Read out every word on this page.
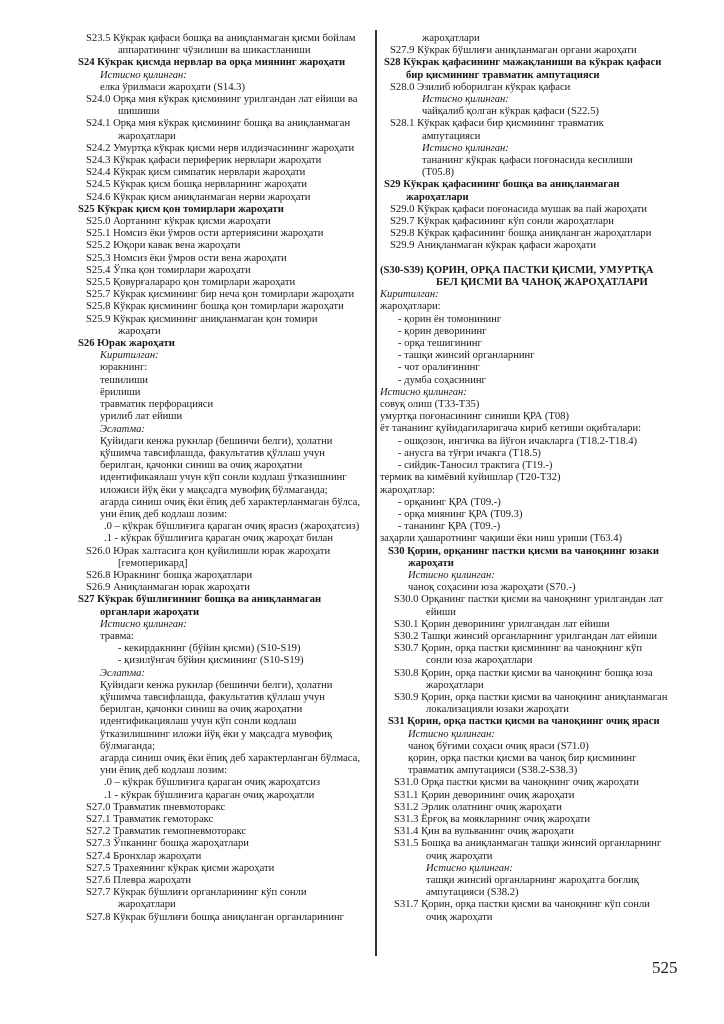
S23.5 Кўкрак қафаси бошқа ва аниқланмаган қисми бойлам
аппаратининг чўзилиши ва шикастланиши
S24 Кўкрак қисмда нервлар ва орқа миянинг жароҳати
Истисно қилинган:
елка ўрилмаси жароҳати (S14.3)
S24.0 Орқа мия кўкрак қисмининг урилгандан лат ейиши ва
шишиши
S24.1 Орқа мия кўкрак қисмининг бошқа ва аниқланмаган
жароҳатлари
S24.2 Умуртқа кўкрак қисми нерв илдизчасининг жароҳати
S24.3 Кўкрак қафаси периферик нервлари жароҳати
S24.4 Кўкрак қисм симпатик нервлари жароҳати
S24.5 Кўкрак қисм бошқа нервларнинг жароҳати
S24.6 Кўкрак қисм аниқланмаган нерви жароҳати
S25 Кўкрак қисм қон томирлари жароҳати
S25.0 Аортанинг кўкрак қисми жароҳати
S25.1 Номсиз ёки ўмров ости артериясини жароҳати
S25.2 Юқори кавак вена жароҳати
S25.3 Номсиз ёки ўмров ости вена жароҳати
S25.4 Ўпка қон томирлари жароҳати
S25.5 Қовурғалараро қон томирлари жароҳати
S25.7 Кўкрак қисмининг бир неча қон томирлари жароҳати
S25.8 Кўкрак қисмининг бошқа қон томирлари жароҳати
S25.9 Кўкрак қисмининг аниқланмаган қон томири
жароҳати
S26 Юрак жароҳати
Киритилган:
юракнинг:
тешилиши
ёрилиши
травматик перфорацияси
урилиб лат ейиши
Эслатма:
Қуйидаги кенжа рукнлар (бешинчи белги), ҳолатни
қўшимча тавсифлашда, факультатив қўллаш учун
берилган, қачонки синиш ва очиқ жароҳатни
идентификаялаш учун кўп сонли кодлаш ўтказишнинг
иложиси йўқ ёки у мақсадга мувофиқ бўлмаганда;
агарда синиш очиқ ёки ёпиқ деб характерланмаган бўлса,
уни ёпиқ деб кодлаш лозим:
.0 – кўкрак бўшлиғига қараган очиқ ярасиз (жароҳатсиз)
.1 - кўкрак бўшлиғига қараган очиқ жароҳат билан
S26.0 Юрак халтасига қон қуйилишли юрак жароҳати
[гемоперикард]
S26.8 Юракнинг бошқа жароҳатлари
S26.9 Аниқланмаган юрак жароҳати
S27 Кўкрак бўшлиғининг бошқа ва аниқланмаган
органлари жароҳати
Истисно қилинган:
травма:
- кекирдакнинг (бўйин қисми) (S10-S19)
- қизилўнгач бўйин қисмининг (S10-S19)
Эслатма:
Қуйидаги кенжа рукнлар (бешинчи белги), ҳолатни
қўшимча тавсифлашда, факультатив қўллаш учун
берилган, қачонки синиш ва очиқ жароҳатни
идентификациялаш учун кўп сонли кодлаш
ўтказилишнинг иложи йўқ ёки у мақсадга мувофиқ
бўлмаганда;
агарда синиш очиқ ёки ёпиқ деб характерланган бўлмаса,
уни ёпиқ деб кодлаш лозим:
.0 – кўкрак бўшлиғига қараган очиқ жароҳатсиз
.1 - кўкрак бўшлиғига қараган очиқ жароҳатли
S27.0 Травматик пневмоторакс
S27.1 Травматик гемоторакс
S27.2 Травматик гемопневмоторакс
S27.3 Ўпканинг бошқа жароҳатлари
S27.4 Бронхлар жароҳати
S27.5 Трахеянинг кўкрак қисми жароҳати
S27.6 Плевра жароҳати
S27.7 Кўкрак бўшлиғи органларининг кўп сонли
жароҳатлари
S27.8 Кўкрак бўшлиғи бошқа аниқланган органларининг
жароҳатлари
S27.9 Кўкрак бўшлиғи аниқланмаган органи жароҳати
S28 Кўкрак қафасининг мажақланиши ва кўкрак қафаси
бир қисмининг травматик ампутацияси
S28.0 Эзилиб юборилган кўкрак қафаси
Истисно қилинган:
чайқалиб қолган кўкрак қафаси (S22.5)
S28.1 Кўкрак қафаси бир қисмининг травматик
ампутацияси
Истисно қилинган:
тананинг кўкрак қафаси поғонасида кесилиши
(T05.8)
S29 Кўкрак қафасининг бошқа ва аниқланмаган
жароҳатлари
S29.0 Кўкрак қафаси поғонасида мушак ва пай жароҳати
S29.7 Кўкрак қафасининг кўп сонли жароҳатлари
S29.8 Кўкрак қафасининг бошқа аниқланган жароҳатлари
S29.9 Аниқланмаган кўкрак қафаси жароҳати
(S30-S39) ҚОРИН, ОРҚА ПАСТКИ ҚИСМИ, УМУРТҚА
БЕЛ ҚИСМИ ВА ЧАНОҚ ЖАРОҲАТЛАРИ
Киритилган:
жароҳатлари:
- қорин ён томонининг
- қорин деворининг
- орқа тешигининг
- ташқи жинсий органларнинг
- чот оралиғининг
- думба соҳасининг
Истисно қилинган:
совуқ олиш (T33-T35)
умуртқа поғонасининг синиши ҚРА (T08)
ёт тананинг қуйидагиларигача кириб кетиши оқибталари:
- ошқозон, ингичка ва йўғон ичакларга (T18.2-T18.4)
- анусга ва тўғри ичакга (T18.5)
- сийдик-Таносил трактига (T19.-)
термик ва кимёвий куйишлар (T20-T32)
жароҳатлар:
- орқанинг ҚРА (T09.-)
- орқа миянинг ҚРА (T09.3)
- тананинг ҚРА (T09.-)
заҳарли ҳашаротнинг чақиши ёки ниш уриши (T63.4)
S30 Қорин, орқанинг пастки қисми ва чаноқнинг юзаки
жароҳати
Истисно қилинган:
чаноқ соҳасини юза жароҳати (S70.-)
S30.0 Орқанинг пастки қисми ва чаноқнинг урилгандан лат
ейиши
S30.1 Қорин деворининг урилгандан лат ейиши
S30.2 Ташқи жинсий органларнинг урилгандан лат ейиши
S30.7 Қорин, орқа пастки қисмининг ва чаноқнинг кўп
сонли юза жароҳатлари
S30.8 Қорин, орқа пастки қисми ва чаноқнинг бошқа юза
жароҳатлари
S30.9 Қорин, орқа пастки қисми ва чаноқнинг аниқланмаган
локализацияли юзаки жароҳати
S31 Қорин, орқа пастки қисми ва чаноқнинг очиқ яраси
Истисно қилинган:
чаноқ бўғими соҳаси очиқ яраси (S71.0)
қорин, орқа пастки қисми ва чаноқ бир қисмининг
травматик ампутацияси (S38.2-S38.3)
S31.0 Орқа пастки қисми ва чаноқнинг очиқ жароҳати
S31.1 Қорин деворининг очиқ жароҳати
S31.2 Эрлик олатнинг очиқ жароҳати
S31.3 Ёрғоқ ва моякларнинг очиқ жароҳати
S31.4 Қин ва вульванинг очиқ жароҳати
S31.5 Бошқа ва аниқланмаган ташқи жинсий органларнинг
очиқ жароҳати
Истисно қилинган:
ташқи жинсий органларнинг жароҳатга боғлиқ
ампутацияси (S38.2)
S31.7 Қорин, орқа пастки қисми ва чаноқнинг кўп сонли
очиқ жароҳати
525
